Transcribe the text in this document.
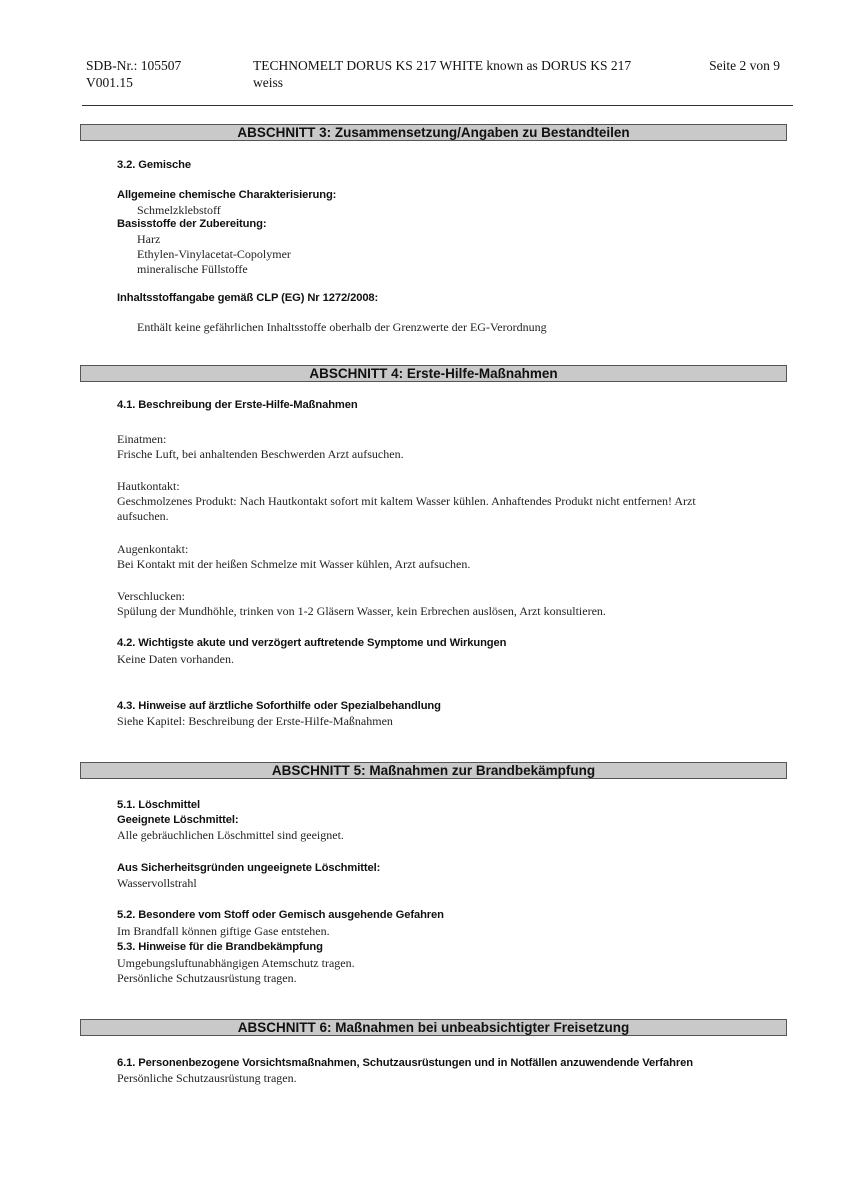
SDB-Nr.: 105507
V001.15
TECHNOMELT DORUS KS 217 WHITE known as DORUS KS 217
weiss
Seite 2 von 9
ABSCHNITT 3: Zusammensetzung/Angaben zu Bestandteilen
3.2. Gemische
Allgemeine chemische Charakterisierung:
Schmelzklebstoff
Basisstoffe der Zubereitung:
Harz
Ethylen-Vinylacetat-Copolymer
mineralische Füllstoffe
Inhaltsstoffangabe gemäß CLP (EG) Nr 1272/2008:
Enthält keine gefährlichen Inhaltsstoffe oberhalb der Grenzwerte der EG-Verordnung
ABSCHNITT 4: Erste-Hilfe-Maßnahmen
4.1. Beschreibung der Erste-Hilfe-Maßnahmen
Einatmen:
Frische Luft, bei anhaltenden Beschwerden Arzt aufsuchen.
Hautkontakt:
Geschmolzenes Produkt: Nach Hautkontakt sofort mit kaltem Wasser kühlen. Anhaftendes Produkt nicht entfernen! Arzt
aufsuchen.
Augenkontakt:
Bei Kontakt mit der heißen Schmelze mit Wasser kühlen, Arzt aufsuchen.
Verschlucken:
Spülung der Mundhöhle, trinken von 1-2 Gläsern Wasser, kein Erbrechen auslösen, Arzt konsultieren.
4.2. Wichtigste akute und verzögert auftretende Symptome und Wirkungen
Keine Daten vorhanden.
4.3. Hinweise auf ärztliche Soforthilfe oder Spezialbehandlung
Siehe Kapitel: Beschreibung der Erste-Hilfe-Maßnahmen
ABSCHNITT 5: Maßnahmen zur Brandbekämpfung
5.1. Löschmittel
Geeignete Löschmittel:
Alle gebräuchlichen Löschmittel sind geeignet.
Aus Sicherheitsgründen ungeeignete Löschmittel:
Wasservollstrahl
5.2. Besondere vom Stoff oder Gemisch ausgehende Gefahren
Im Brandfall können giftige Gase entstehen.
5.3. Hinweise für die Brandbekämpfung
Umgebungsluftunabhängigen Atemschutz tragen.
Persönliche Schutzausrüstung tragen.
ABSCHNITT 6: Maßnahmen bei unbeabsichtigter Freisetzung
6.1. Personenbezogene Vorsichtsmaßnahmen, Schutzausrüstungen und in Notfällen anzuwendende Verfahren
Persönliche Schutzausrüstung tragen.
